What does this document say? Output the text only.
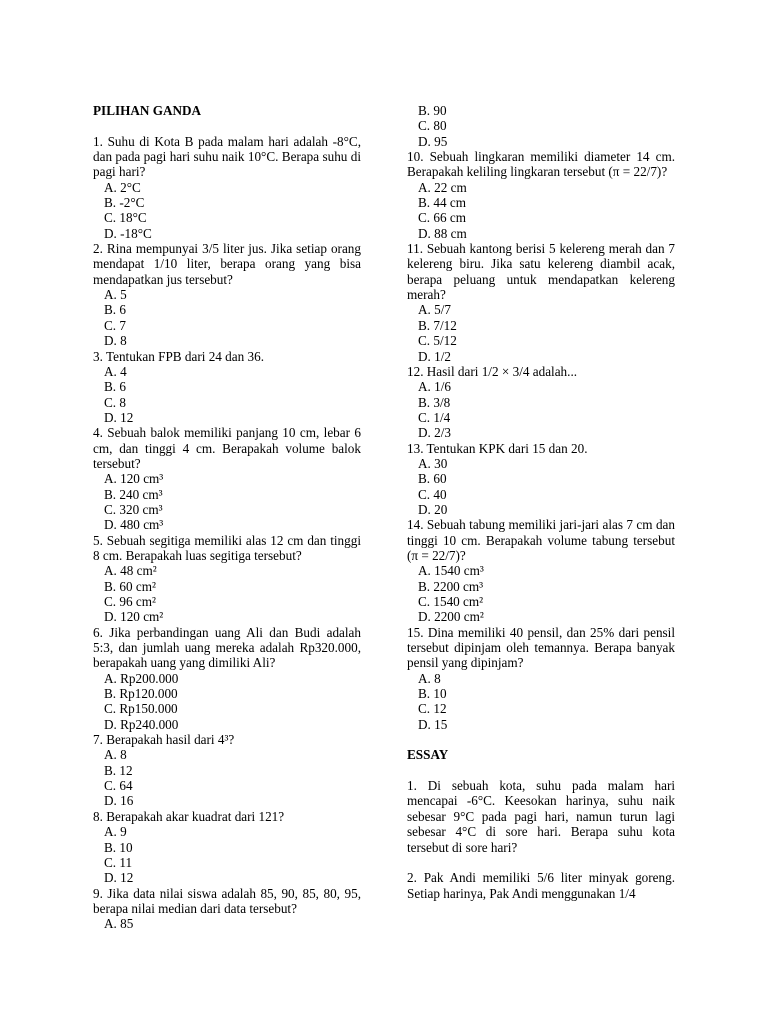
PILIHAN GANDA

1. Suhu di Kota B pada malam hari adalah -8°C, dan pada pagi hari suhu naik 10°C. Berapa suhu di pagi hari?

A. 2°C

B. -2°C

C. 18°C

D. -18°C

2. Rina mempunyai 3/5 liter jus. Jika setiap orang mendapat 1/10 liter, berapa orang yang bisa mendapatkan jus tersebut?

A. 5

B. 6

C. 7

D. 8

3. Tentukan FPB dari 24 dan 36.

A. 4

B. 6

C. 8

D. 12

4. Sebuah balok memiliki panjang 10 cm, lebar 6 cm, dan tinggi 4 cm. Berapakah volume balok tersebut?

A. 120 cm³

B. 240 cm³

C. 320 cm³

D. 480 cm³

5. Sebuah segitiga memiliki alas 12 cm dan tinggi 8 cm. Berapakah luas segitiga tersebut?

A. 48 cm²

B. 60 cm²

C. 96 cm²

D. 120 cm²

6. Jika perbandingan uang Ali dan Budi adalah 5:3, dan jumlah uang mereka adalah Rp320.000, berapakah uang yang dimiliki Ali?

A. Rp200.000

B. Rp120.000

C. Rp150.000

D. Rp240.000

7. Berapakah hasil dari 4³?

A. 8

B. 12

C. 64

D. 16

8. Berapakah akar kuadrat dari 121?

A. 9

B. 10

C. 11

D. 12

9. Jika data nilai siswa adalah 85, 90, 85, 80, 95, berapa nilai median dari data tersebut?

A. 85

B. 90

C. 80

D. 95

10. Sebuah lingkaran memiliki diameter 14 cm. Berapakah keliling lingkaran tersebut (π = 22/7)?

A. 22 cm

B. 44 cm

C. 66 cm

D. 88 cm

11. Sebuah kantong berisi 5 kelereng merah dan 7 kelereng biru. Jika satu kelereng diambil acak, berapa peluang untuk mendapatkan kelereng merah?

A. 5/7

B. 7/12

C. 5/12

D. 1/2

12. Hasil dari 1/2 × 3/4 adalah...

A. 1/6

B. 3/8

C. 1/4

D. 2/3

13. Tentukan KPK dari 15 dan 20.

A. 30

B. 60

C. 40

D. 20

14. Sebuah tabung memiliki jari-jari alas 7 cm dan tinggi 10 cm. Berapakah volume tabung tersebut (π = 22/7)?

A. 1540 cm³

B. 2200 cm³

C. 1540 cm²

D. 2200 cm²

15. Dina memiliki 40 pensil, dan 25% dari pensil tersebut dipinjam oleh temannya. Berapa banyak pensil yang dipinjam?

A. 8

B. 10

C. 12

D. 15

ESSAY

1. Di sebuah kota, suhu pada malam hari mencapai -6°C. Keesokan harinya, suhu naik sebesar 9°C pada pagi hari, namun turun lagi sebesar 4°C di sore hari. Berapa suhu kota tersebut di sore hari?

2. Pak Andi memiliki 5/6 liter minyak goreng. Setiap harinya, Pak Andi menggunakan 1/4
